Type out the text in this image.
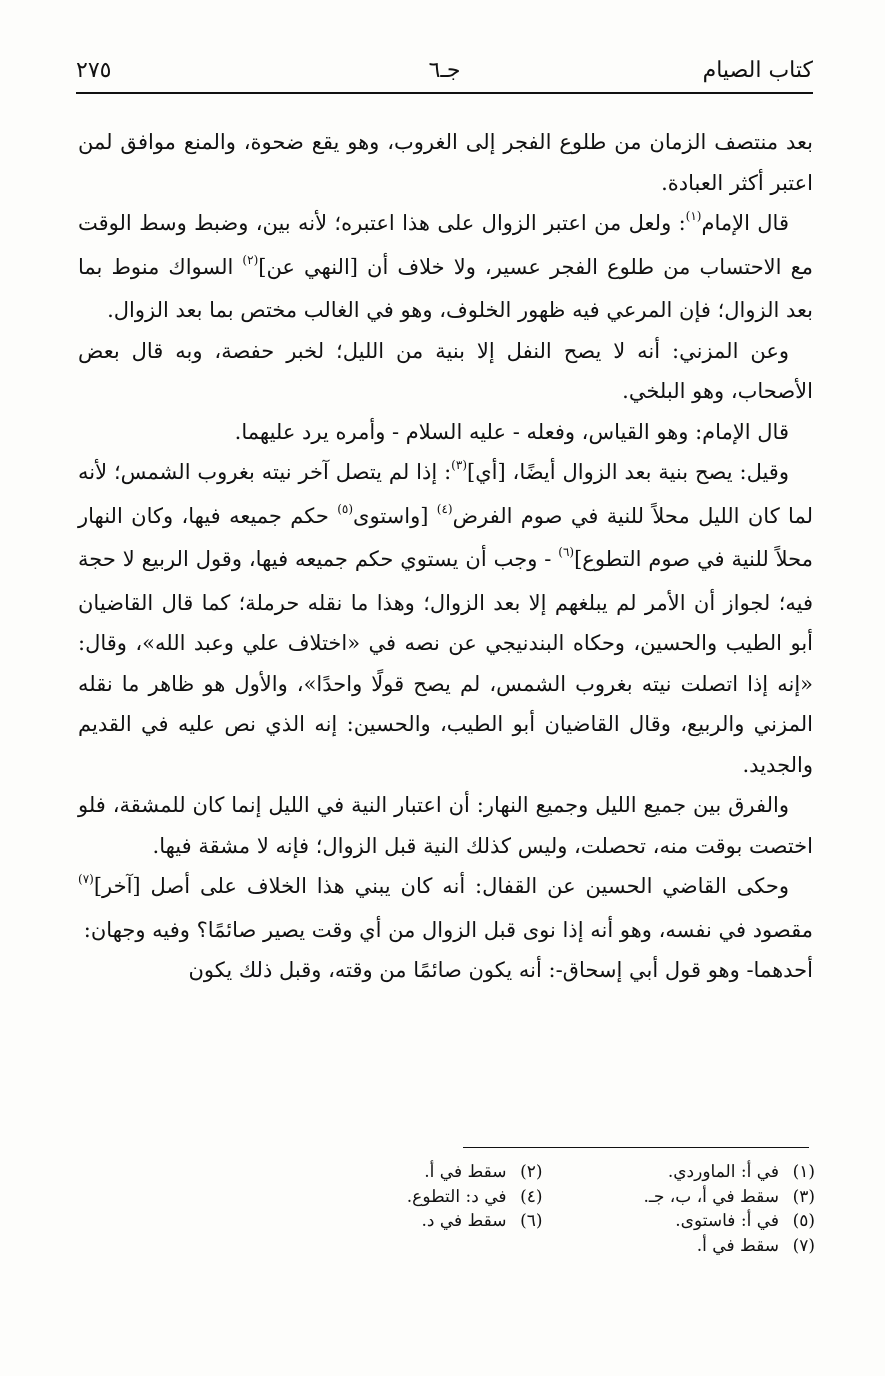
كتاب الصيام
جـ٦
٢٧٥

بعد منتصف الزمان من طلوع الفجر إلى الغروب، وهو يقع ضحوة، والمنع موافق لمن اعتبر أكثر العبادة.

قال الإمام$^{(١)}$: ولعل من اعتبر الزوال على هذا اعتبره؛ لأنه بين، وضبط وسط الوقت مع الاحتساب من طلوع الفجر عسير، ولا خلاف أن [النهي عن]$^{(٢)}$ السواك منوط بما بعد الزوال؛ فإن المرعي فيه ظهور الخلوف، وهو في الغالب مختص بما بعد الزوال.

وعن المزني: أنه لا يصح النفل إلا بنية من الليل؛ لخبر حفصة، وبه قال بعض الأصحاب، وهو البلخي.

قال الإمام: وهو القياس، وفعله - عليه السلام - وأمره يرد عليهما.

وقيل: يصح بنية بعد الزوال أيضًا، [أي]$^{(٣)}$: إذا لم يتصل آخر نيته بغروب الشمس؛ لأنه لما كان الليل محلاً للنية في صوم الفرض$^{(٤)}$ [واستوى$^{(٥)}$ حكم جميعه فيها، وكان النهار محلاً للنية في صوم التطوع]$^{(٦)}$ - وجب أن يستوي حكم جميعه فيها، وقول الربيع لا حجة فيه؛ لجواز أن الأمر لم يبلغهم إلا بعد الزوال؛ وهذا ما نقله حرملة؛ كما قال القاضيان أبو الطيب والحسين، وحكاه البندنيجي عن نصه في «اختلاف علي وعبد الله»، وقال: «إنه إذا اتصلت نيته بغروب الشمس، لم يصح قولًا واحدًا»، والأول هو ظاهر ما نقله المزني والربيع، وقال القاضيان أبو الطيب، والحسين: إنه الذي نص عليه في القديم والجديد.

والفرق بين جميع الليل وجميع النهار: أن اعتبار النية في الليل إنما كان للمشقة، فلو اختصت بوقت منه، تحصلت، وليس كذلك النية قبل الزوال؛ فإنه لا مشقة فيها.

وحكى القاضي الحسين عن القفال: أنه كان يبني هذا الخلاف على أصل [آخر]$^{(٧)}$ مقصود في نفسه، وهو أنه إذا نوى قبل الزوال من أي وقت يصير صائمًا؟ وفيه وجهان:

أحدهما- وهو قول أبي إسحاق-: أنه يكون صائمًا من وقته، وقبل ذلك يكون

(١)في أ: الماوردي.
(٢)سقط في أ.
(٣)سقط في أ، ب، جـ.
(٤)في د: التطوع.
(٥)في أ: فاستوى.
(٦)سقط في د.
(٧)سقط في أ.
